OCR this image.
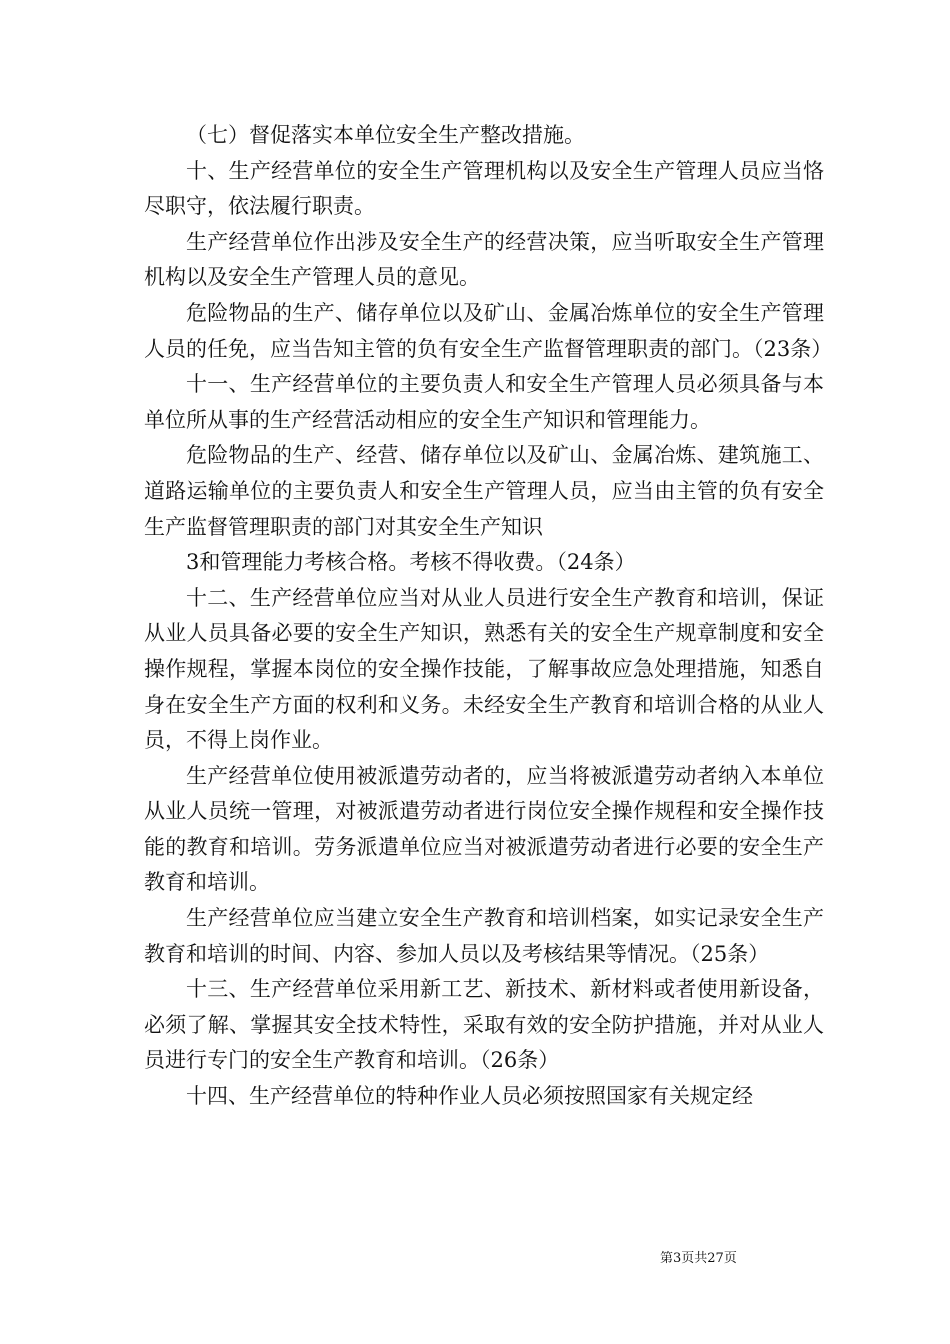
（七）督促落实本单位安全生产整改措施。

十、生产经营单位的安全生产管理机构以及安全生产管理人员应当恪尽职守，依法履行职责。

生产经营单位作出涉及安全生产的经营决策，应当听取安全生产管理机构以及安全生产管理人员的意见。

危险物品的生产、储存单位以及矿山、金属冶炼单位的安全生产管理人员的任免，应当告知主管的负有安全生产监督管理职责的部门。（23条）

十一、生产经营单位的主要负责人和安全生产管理人员必须具备与本单位所从事的生产经营活动相应的安全生产知识和管理能力。

危险物品的生产、经营、储存单位以及矿山、金属冶炼、建筑施工、道路运输单位的主要负责人和安全生产管理人员，应当由主管的负有安全生产监督管理职责的部门对其安全生产知识

3和管理能力考核合格。考核不得收费。（24条）

十二、生产经营单位应当对从业人员进行安全生产教育和培训，保证从业人员具备必要的安全生产知识，熟悉有关的安全生产规章制度和安全操作规程，掌握本岗位的安全操作技能，了解事故应急处理措施，知悉自身在安全生产方面的权利和义务。未经安全生产教育和培训合格的从业人员，不得上岗作业。

生产经营单位使用被派遣劳动者的，应当将被派遣劳动者纳入本单位从业人员统一管理，对被派遣劳动者进行岗位安全操作规程和安全操作技能的教育和培训。劳务派遣单位应当对被派遣劳动者进行必要的安全生产教育和培训。

生产经营单位应当建立安全生产教育和培训档案，如实记录安全生产教育和培训的时间、内容、参加人员以及考核结果等情况。（25条）

十三、生产经营单位采用新工艺、新技术、新材料或者使用新设备，必须了解、掌握其安全技术特性，采取有效的安全防护措施，并对从业人员进行专门的安全生产教育和培训。（26条）

十四、生产经营单位的特种作业人员必须按照国家有关规定经

第3页共27页
